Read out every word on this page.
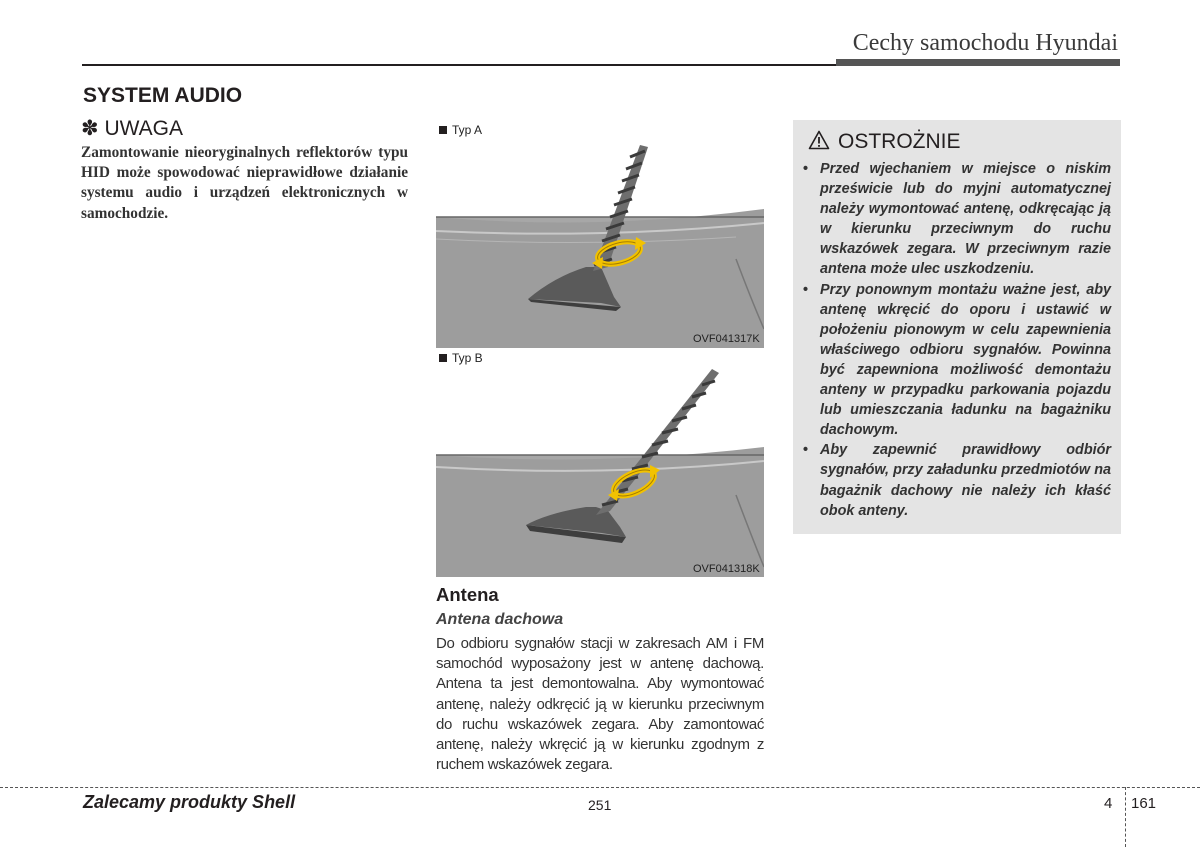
Cechy samochodu Hyundai
SYSTEM AUDIO
✽ UWAGA
Zamontowanie nieoryginalnych reflektorów typu HID może spowodować nieprawidłowe działanie systemu audio i urządzeń elektronicznych w samochodzie.
Typ A
OVF041317K
Typ B
OVF041318K
Antena
Antena dachowa
Do odbioru sygnałów stacji w zakresach AM i FM samochód wyposażony jest w antenę dachową. Antena ta jest demontowalna. Aby wymontować antenę, należy odkręcić ją w kierunku przeciwnym do ruchu wskazówek zegara. Aby zamontować antenę, należy wkręcić ją w kierunku zgodnym z ruchem wskazówek zegara.
OSTROŻNIE
• Przed wjechaniem w miejsce o niskim prześwicie lub do myjni automatycznej należy wymontować antenę, odkręcając ją w kierunku przeciwnym do ruchu wskazówek zegara. W przeciwnym razie antena może ulec uszkodzeniu.
• Przy ponownym montażu ważne jest, aby antenę wkręcić do oporu i ustawić w położeniu pionowym w celu zapewnienia właściwego odbioru sygnałów. Powinna być zapewniona możliwość demontażu anteny w przypadku parkowania pojazdu lub umieszczania ładunku na bagażniku dachowym.
• Aby zapewnić prawidłowy odbiór sygnałów, przy załadunku przedmiotów na bagażnik dachowy nie należy ich kłaść obok anteny.
Zalecamy produkty Shell	251	4 161
